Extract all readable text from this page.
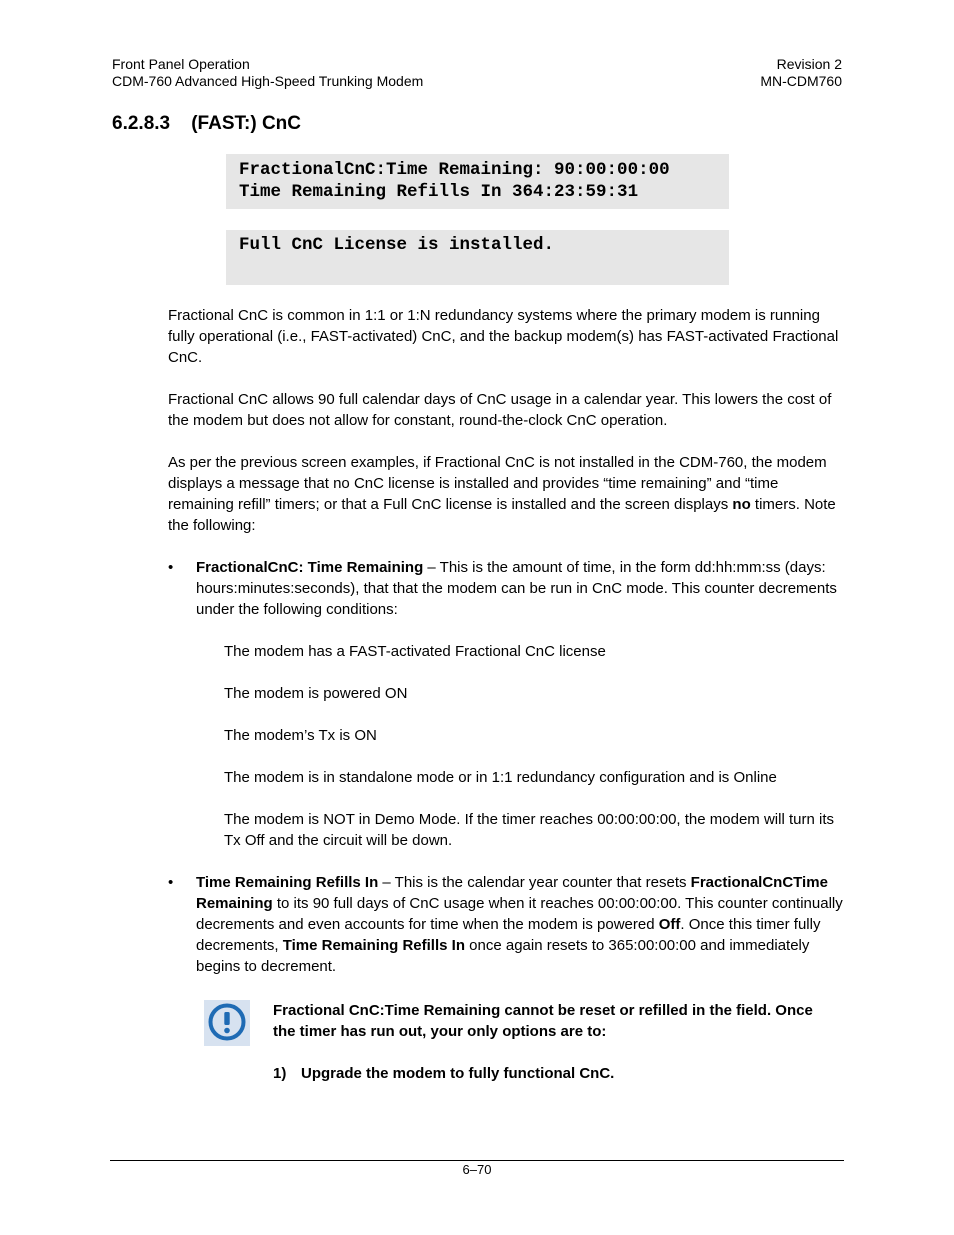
Front Panel Operation
CDM-760 Advanced High-Speed Trunking Modem
Revision 2
MN-CDM760
6.2.8.3 (FAST:) CnC
FractionalCnC:Time Remaining: 90:00:00:00
Time Remaining Refills In 364:23:59:31
Full CnC License is installed.

Fractional CnC is common in 1:1 or 1:N redundancy systems where the primary modem is running fully operational (i.e., FAST-activated) CnC, and the backup modem(s) has FAST-activated Fractional CnC.

Fractional CnC allows 90 full calendar days of CnC usage in a calendar year. This lowers the cost of the modem but does not allow for constant, round-the-clock CnC operation.

As per the previous screen examples, if Fractional CnC is not installed in the CDM-760, the modem displays a message that no CnC license is installed and provides “time remaining” and “time remaining refill” timers; or that a Full CnC license is installed and the screen displays no timers. Note the following:

•	FractionalCnC: Time Remaining – This is the amount of time, in the form dd:hh:mm:ss (days: hours:minutes:seconds), that that the modem can be run in CnC mode. This counter decrements under the following conditions:

The modem has a FAST-activated Fractional CnC license

The modem is powered ON

The modem’s Tx is ON

The modem is in standalone mode or in 1:1 redundancy configuration and is Online

The modem is NOT in Demo Mode. If the timer reaches 00:00:00:00, the modem will turn its Tx Off and the circuit will be down.

•	Time Remaining Refills In – This is the calendar year counter that resets FractionalCnCTime Remaining to its 90 full days of CnC usage when it reaches 00:00:00:00. This counter continually decrements and even accounts for time when the modem is powered Off. Once this timer fully decrements, Time Remaining Refills In once again resets to 365:00:00:00 and immediately begins to decrement.

Fractional CnC:Time Remaining cannot be reset or refilled in the field. Once the timer has run out, your only options are to:

1) Upgrade the modem to fully functional CnC.

6–70
